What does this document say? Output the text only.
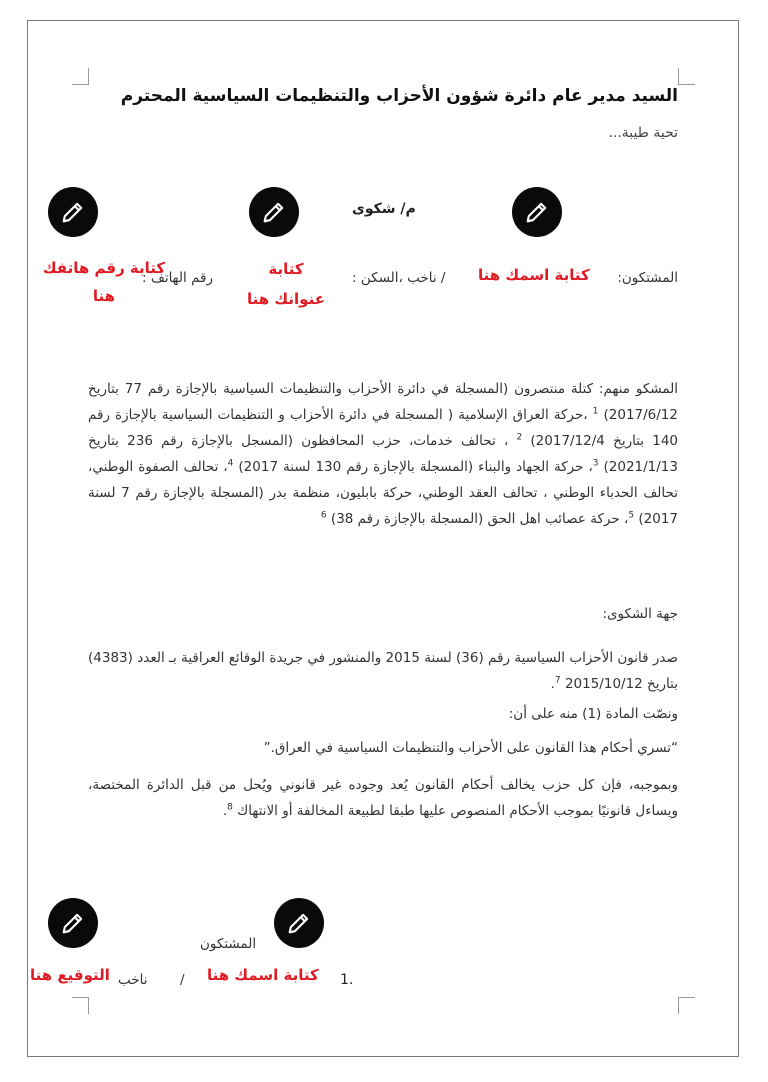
السيد مدير عام دائرة شؤون الأحزاب والتنظيمات السياسية المحترم
تحية طيبة...
م/ شكوى
كتابة رقم هاتفك
هنا
كتابة
عنوانك هنا
كتابة اسمك هنا المشتكون:
/ ناخب ،السكن :
رقم الهاتف :

المشكو منهم: كتلة منتصرون (المسجلة في دائرة الأحزاب والتنظيمات السياسية بالإجازة رقم 77 بتاريخ 2017/6/12) $^1$ ،حركة العراق الإسلامية ( المسجلة في دائرة الأحزاب و التنظيمات السياسية بالإجازة رقم 140 بتاريخ 2017/12/4) $^2$ ، تحالف خدمات، حزب المحافظون (المسجل بالإجازة رقم 236 بتاريخ 2021/1/13) $^3$، حركة الجهاد والبناء (المسجلة بالإجازة رقم 130 لسنة 2017) $^4$، تحالف الصفوة الوطني، تحالف الحدباء الوطني ، تحالف العقد الوطني، حركة بابليون، منظمة بدر (المسجلة بالإجازة رقم 7 لسنة 2017) $^5$، حركة عصائب اهل الحق (المسجلة بالإجازة رقم 38) $^6$

جهة الشكوى:

صدر قانون الأحزاب السياسية رقم (36) لسنة 2015 والمنشور في جريدة الوقائع العراقية بـ العدد (4383) بتاريخ 2015/10/12 $^7$.

ونصّت المادة (1) منه على أن:
“تسري أحكام هذا القانون على الأحزاب والتنظيمات السياسية في العراق.”

وبموجبه، فإن كل حزب يخالف أحكام القانون يُعد وجوده غير قانوني ويُحل من قبل الدائرة المختصة، ويساءل قانونيًا بموجب الأحكام المنصوص عليها طبقا لطبيعة المخالفة أو الانتهاك $^8$.

المشتكون
1.
كتابة اسمك هنا
/
ناخب
التوقيع هنا
